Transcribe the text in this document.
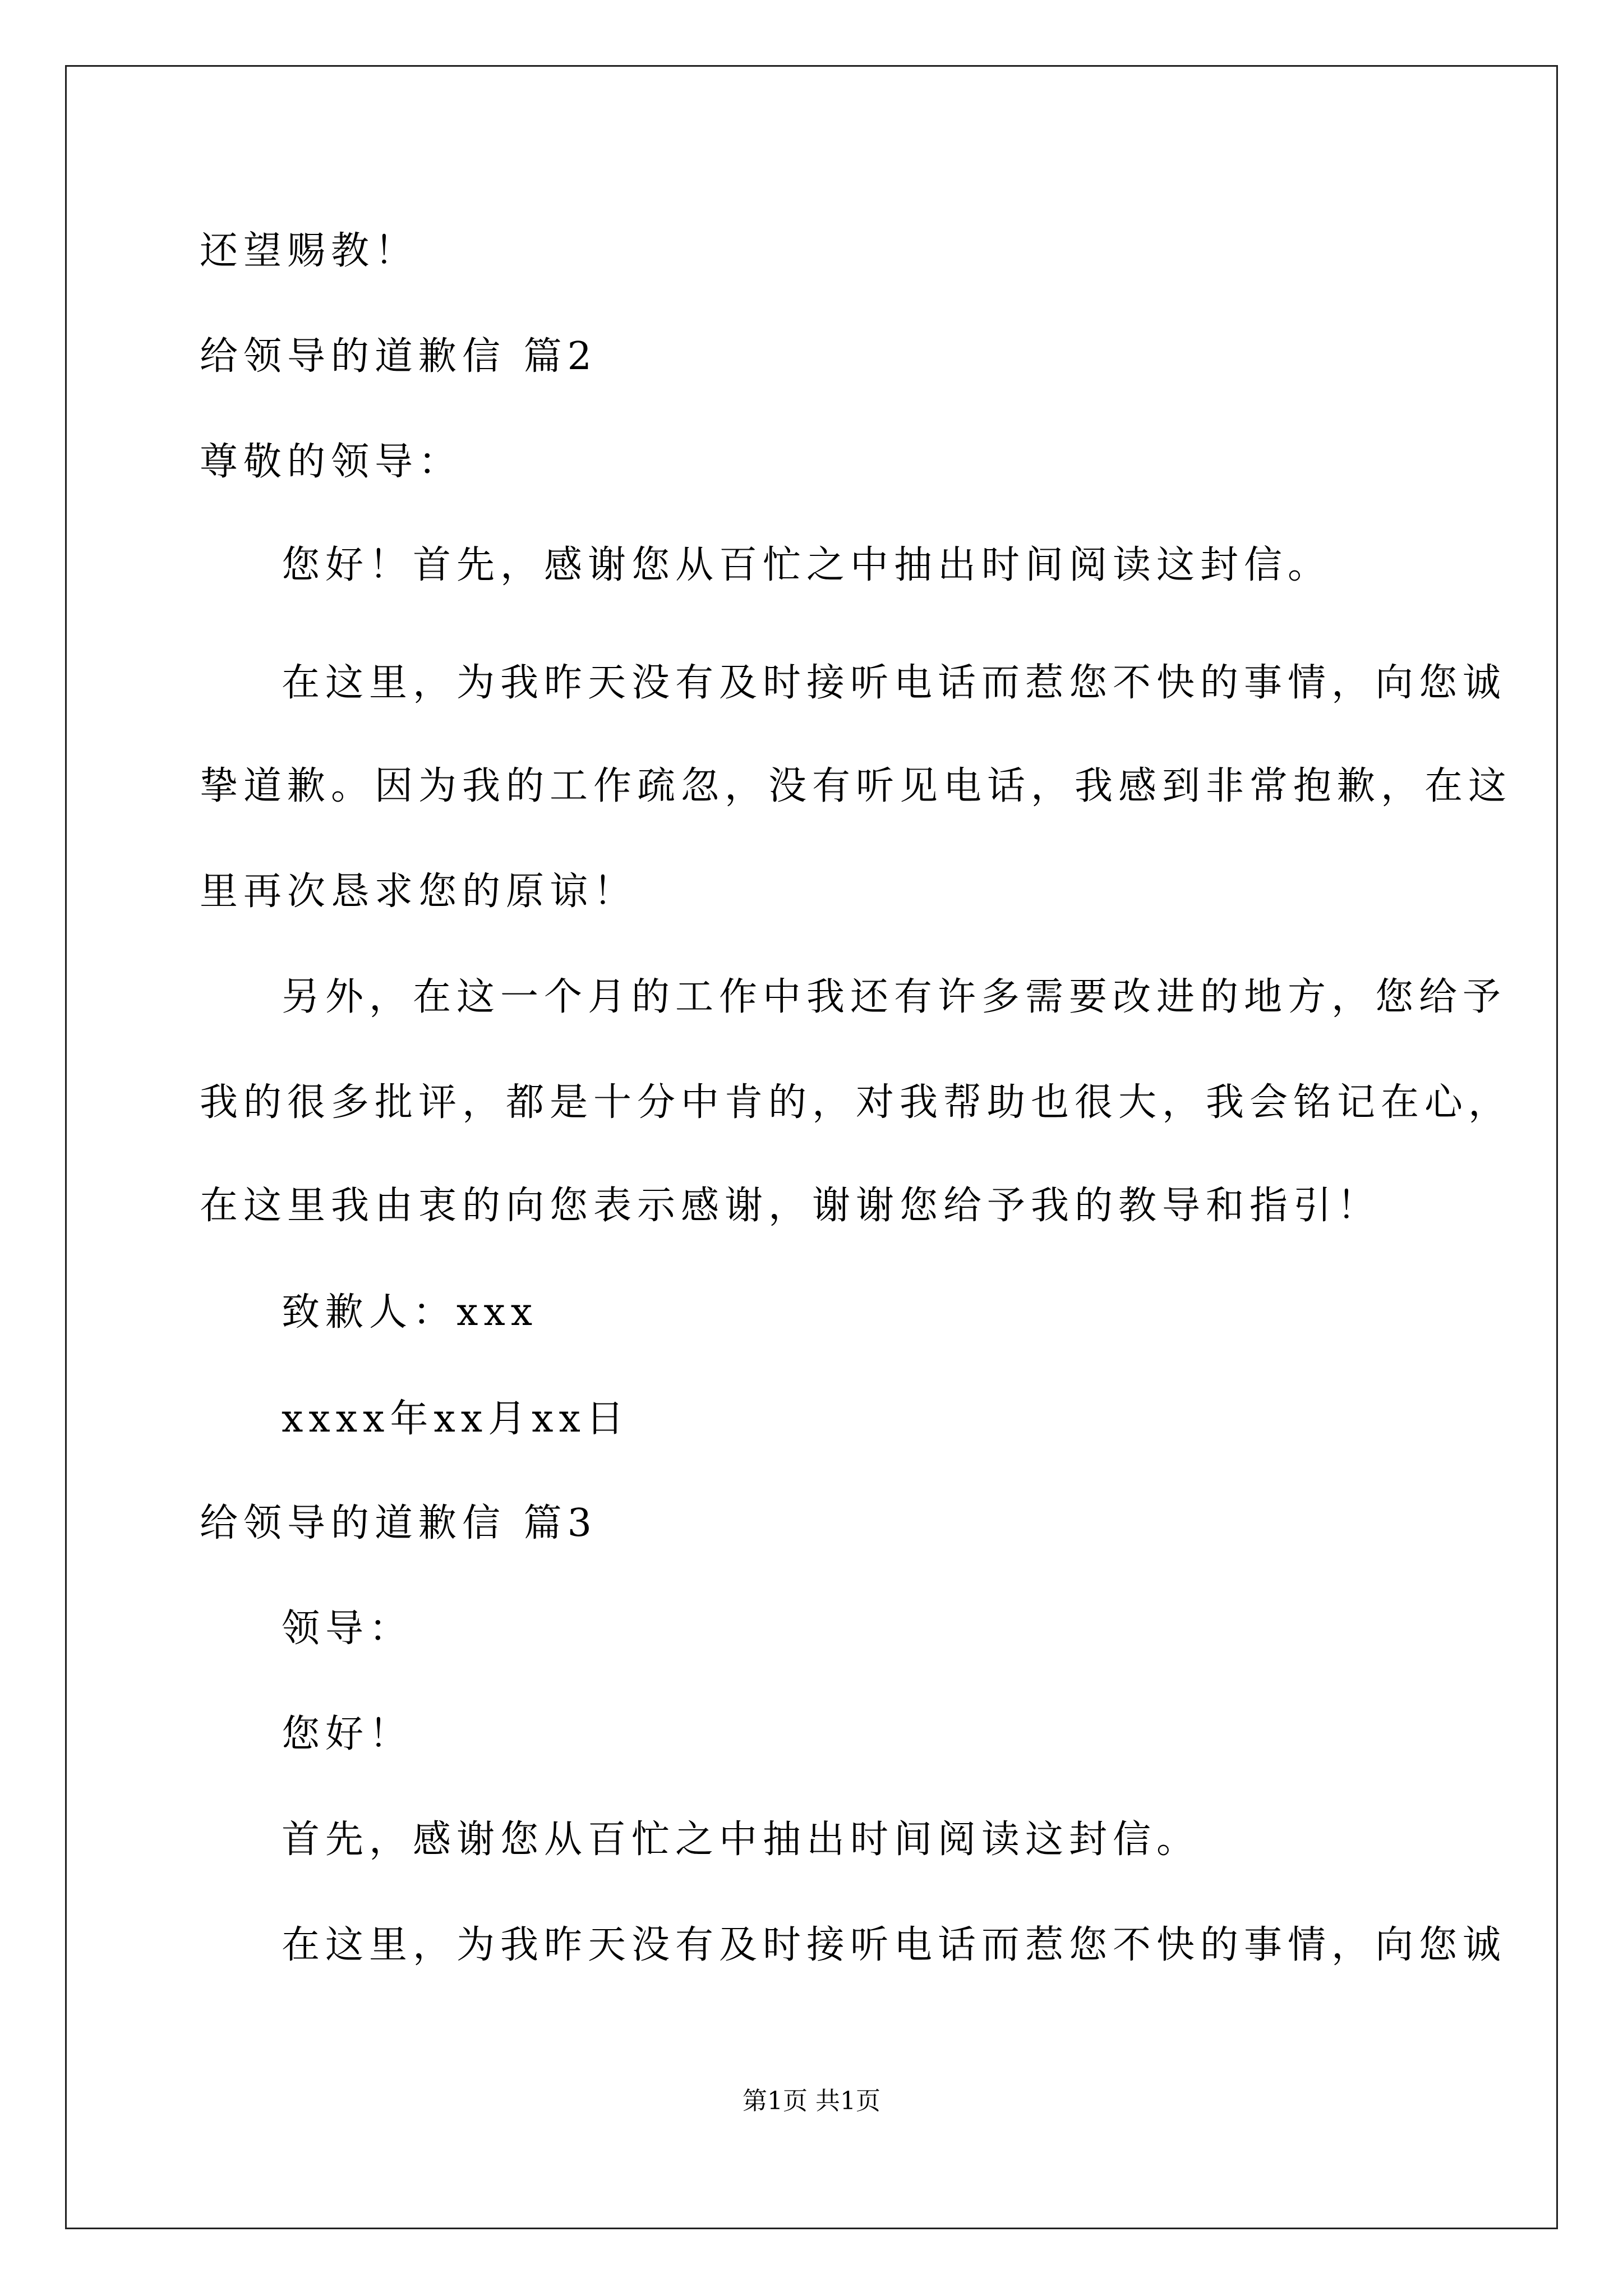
还望赐教！
给领导的道歉信 篇2
尊敬的领导：
您好！首先，感谢您从百忙之中抽出时间阅读这封信。
在这里，为我昨天没有及时接听电话而惹您不快的事情，向您诚
挚道歉。因为我的工作疏忽，没有听见电话，我感到非常抱歉，在这
里再次恳求您的原谅！
另外，在这一个月的工作中我还有许多需要改进的地方，您给予
我的很多批评，都是十分中肯的，对我帮助也很大，我会铭记在心，
在这里我由衷的向您表示感谢，谢谢您给予我的教导和指引！
致歉人：xxx
xxxx年xx月xx日
给领导的道歉信 篇3
领导：
您好！
首先，感谢您从百忙之中抽出时间阅读这封信。
在这里，为我昨天没有及时接听电话而惹您不快的事情，向您诚
第1页 共1页
